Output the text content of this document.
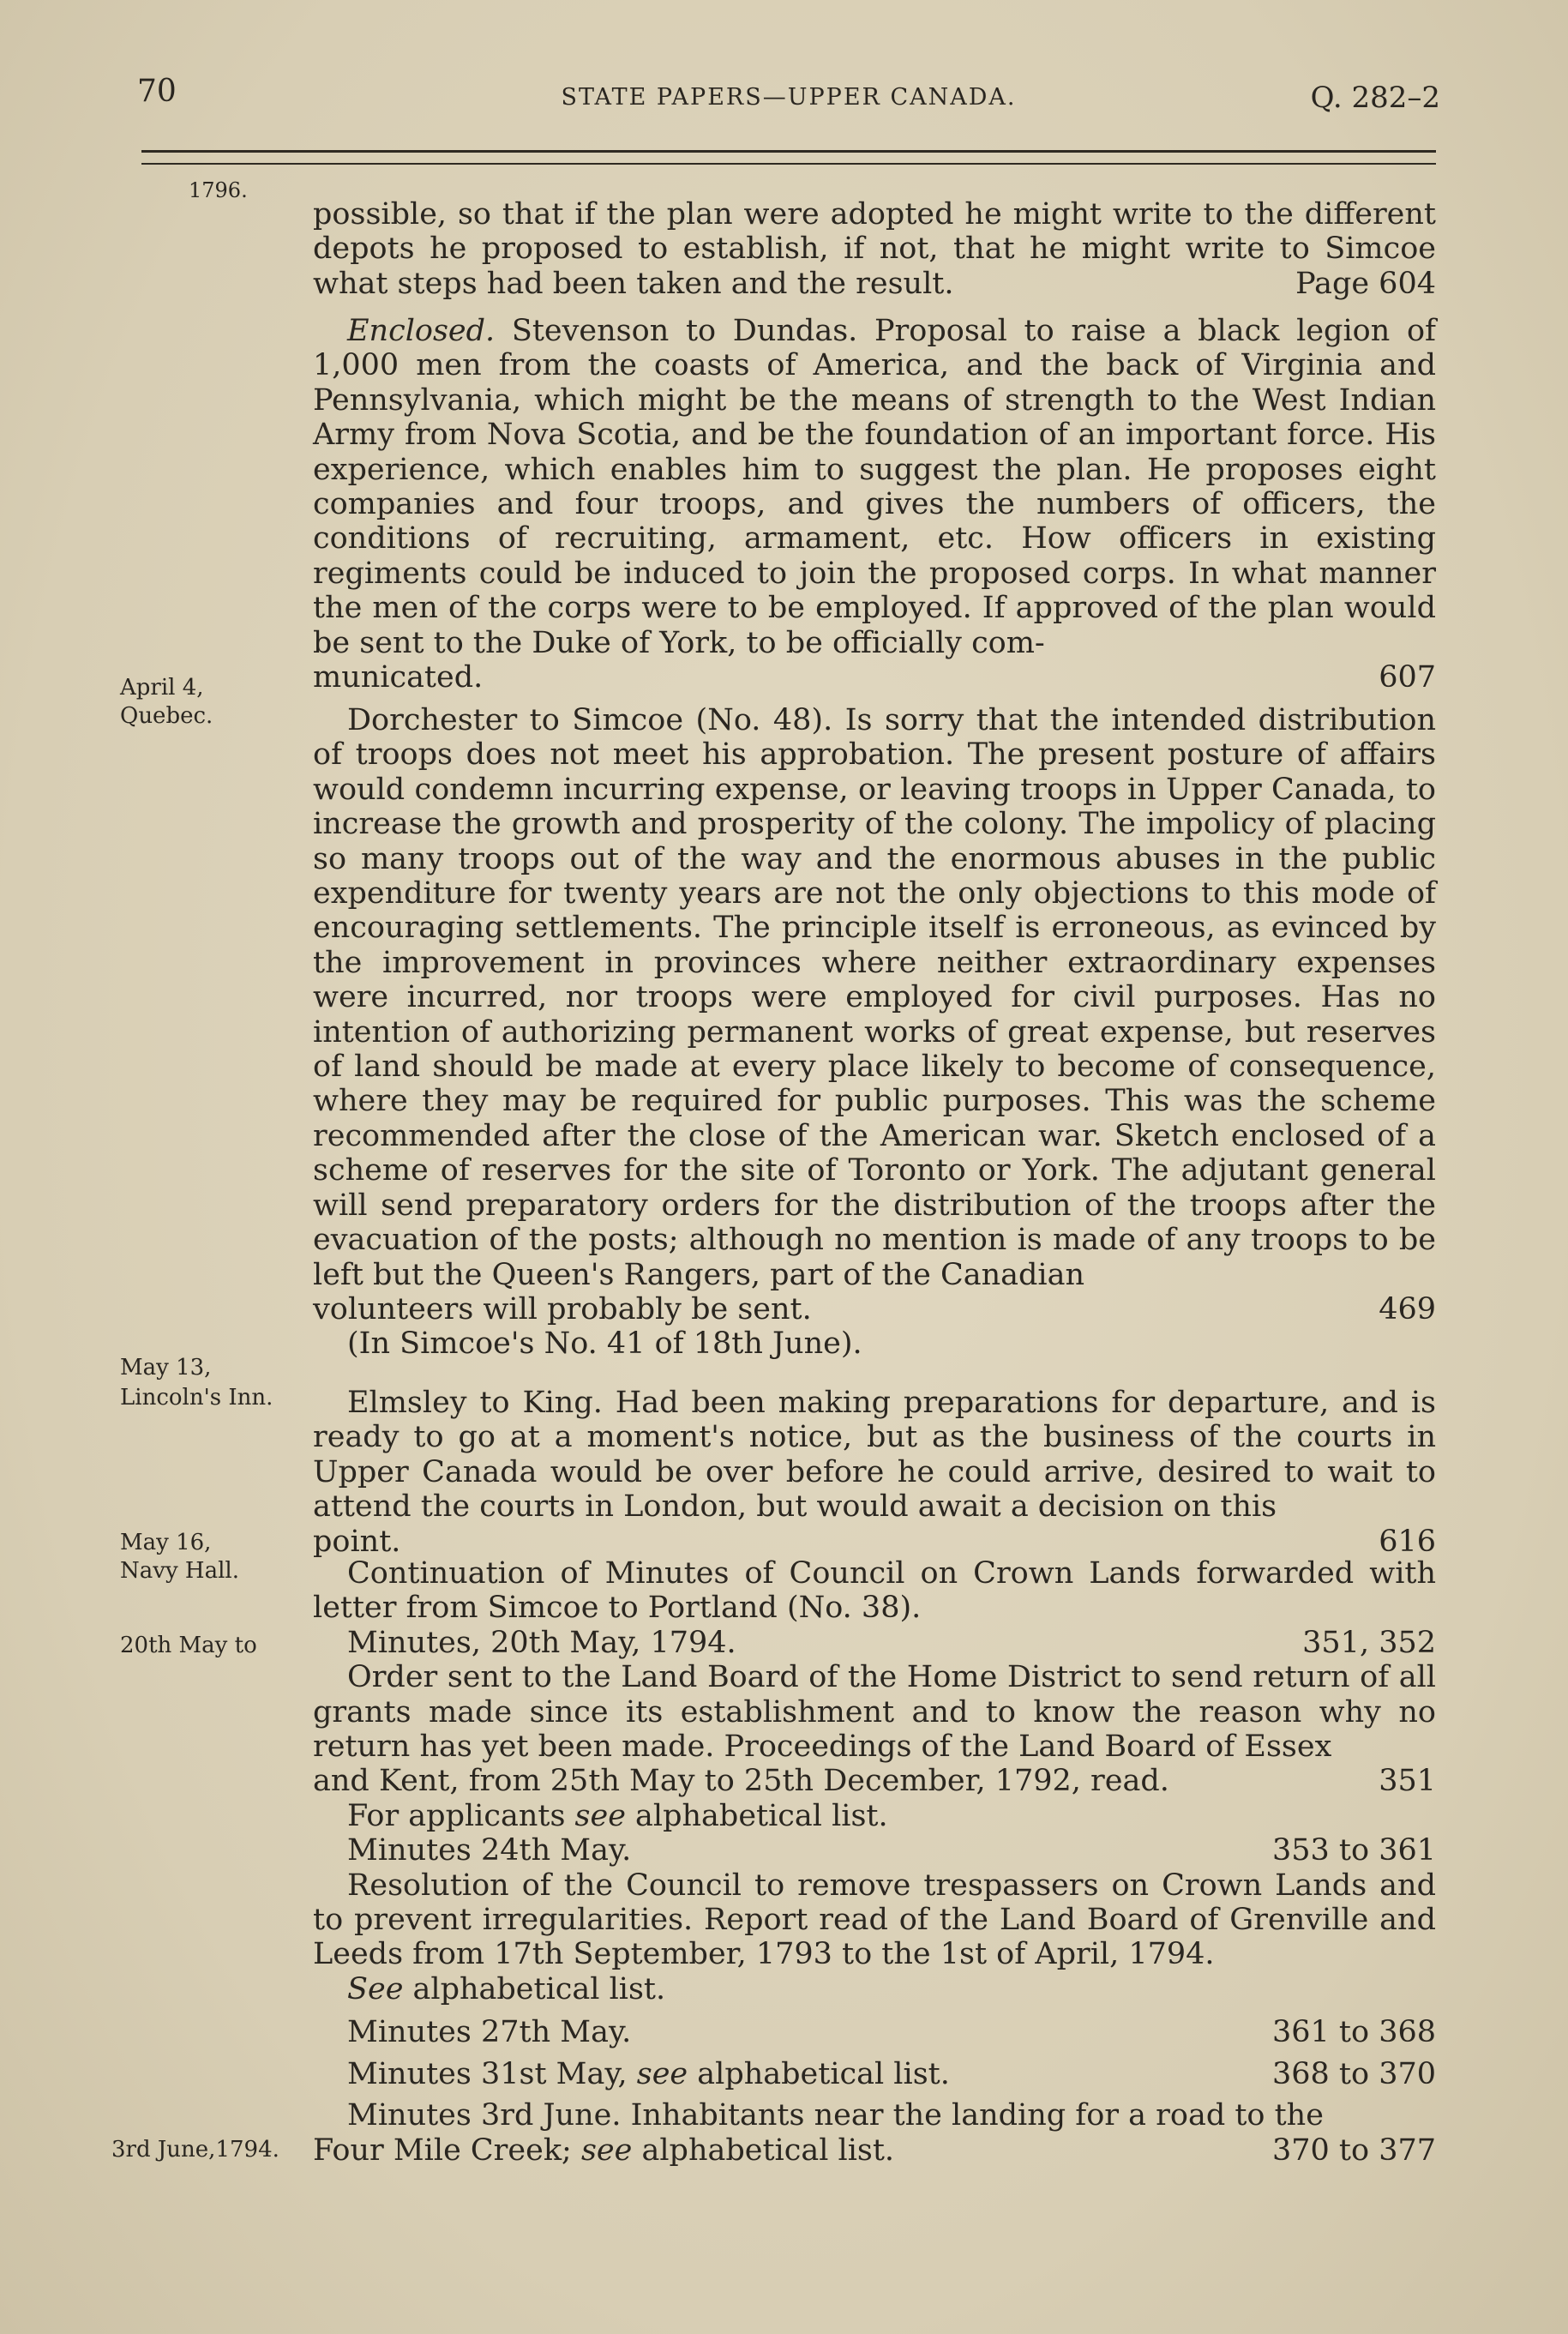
70	STATE PAPERS—UPPER CANADA.	Q. 282–2
1796.
April 4,
Quebec.
May 13,
Lincoln's Inn.
May 16,
Navy Hall.
20th May to
3rd June,1794.

possible, so that if the plan were adopted he might write to the different depots he proposed to establish, if not, that he might write to Simcoe what steps had been taken and the result.	Page 604

Enclosed. Stevenson to Dundas. Proposal to raise a black legion of 1,000 men from the coasts of America, and the back of Virginia and Pennsylvania, which might be the means of strength to the West Indian Army from Nova Scotia, and be the foundation of an important force. His experience, which enables him to suggest the plan. He proposes eight companies and four troops, and gives the numbers of officers, the conditions of recruiting, armament, etc. How officers in existing regiments could be induced to join the proposed corps. In what manner the men of the corps were to be employed. If approved of the plan would be sent to the Duke of York, to be officially com-

municated.	607

Dorchester to Simcoe (No. 48). Is sorry that the intended distribution of troops does not meet his approbation. The present posture of affairs would condemn incurring expense, or leaving troops in Upper Canada, to increase the growth and prosperity of the colony. The impolicy of placing so many troops out of the way and the enormous abuses in the public expenditure for twenty years are not the only objections to this mode of encouraging settlements. The principle itself is erroneous, as evinced by the improvement in provinces where neither extraordinary expenses were incurred, nor troops were employed for civil purposes. Has no intention of authorizing permanent works of great expense, but reserves of land should be made at every place likely to become of consequence, where they may be required for public purposes. This was the scheme recommended after the close of the American war. Sketch enclosed of a scheme of reserves for the site of Toronto or York. The adjutant general will send preparatory orders for the distribution of the troops after the evacuation of the posts; although no mention is made of any troops to be left but the Queen's Rangers, part of the Canadian

volunteers will probably be sent.	469

(In Simcoe's No. 41 of 18th June).

Elmsley to King. Had been making preparations for departure, and is ready to go at a moment's notice, but as the business of the courts in Upper Canada would be over before he could arrive, desired to wait to attend the courts in London, but would await a decision on this

point.	616

Continuation of Minutes of Council on Crown Lands forwarded with letter from Simcoe to Portland (No. 38).

Minutes, 20th May, 1794.	351, 352

Order sent to the Land Board of the Home District to send return of all grants made since its establishment and to know the reason why no return has yet been made. Proceedings of the Land Board of Essex

and Kent, from 25th May to 25th December, 1792, read.	351

For applicants see alphabetical list.

Minutes 24th May.	353 to 361

Resolution of the Council to remove trespassers on Crown Lands and to prevent irregularities. Report read of the Land Board of Grenville and Leeds from 17th September, 1793 to the 1st of April, 1794.

See alphabetical list.

Minutes 27th May.	361 to 368
Minutes 31st May, see alphabetical list.	368 to 370

Minutes 3rd June. Inhabitants near the landing for a road to the

Four Mile Creek; see alphabetical list.	370 to 377
